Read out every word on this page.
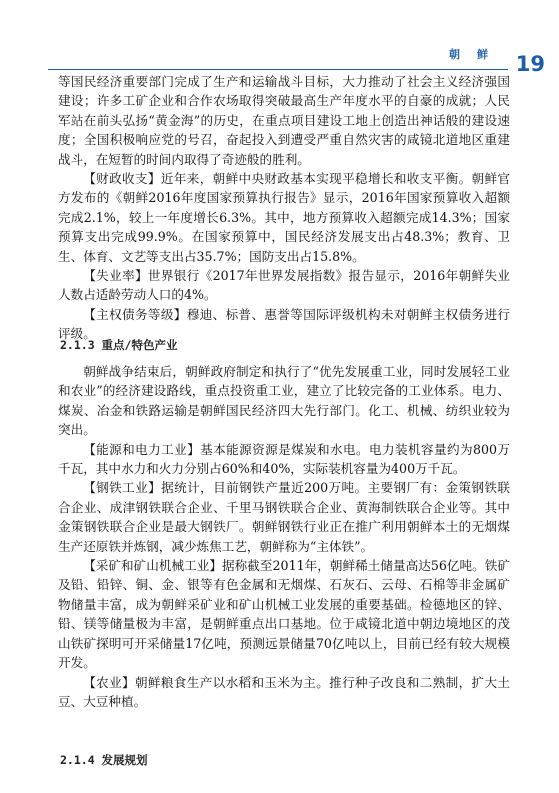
朝　鲜 19

等国民经济重要部门完成了生产和运输战斗目标，大力推动了社会主义经济强国建设；许多工矿企业和合作农场取得突破最高生产年度水平的自豪的成就；人民军站在前头弘扬“黄金海”的历史，在重点项目建设工地上创造出神话般的建设速度；全国积极响应党的号召，奋起投入到遭受严重自然灾害的咸镜北道地区重建战斗，在短暂的时间内取得了奇迹般的胜利。

【财政收支】近年来，朝鲜中央财政基本实现平稳增长和收支平衡。朝鲜官方发布的《朝鲜2016年度国家预算执行报告》显示，2016年国家预算收入超额完成2.1%，较上一年度增长6.3%。其中，地方预算收入超额完成14.3%；国家预算支出完成99.9%。在国家预算中，国民经济发展支出占48.3%；教育、卫生、体育、文艺等支出占35.7%；国防支出占15.8%。

【失业率】世界银行《2017年世界发展指数》报告显示，2016年朝鲜失业人数占适龄劳动人口的4%。

【主权债务等级】穆迪、标普、惠誉等国际评级机构未对朝鲜主权债务进行评级。

2.1.3 重点/特色产业

朝鲜战争结束后，朝鲜政府制定和执行了“优先发展重工业，同时发展轻工业和农业”的经济建设路线，重点投资重工业，建立了比较完备的工业体系。电力、煤炭、冶金和铁路运输是朝鲜国民经济四大先行部门。化工、机械、纺织业较为突出。

【能源和电力工业】基本能源资源是煤炭和水电。电力装机容量约为800万千瓦，其中水力和火力分别占60%和40%，实际装机容量为400万千瓦。

【钢铁工业】据统计，目前钢铁产量近200万吨。主要钢厂有：金策钢铁联合企业、成津钢铁联合企业、千里马钢铁联合企业、黄海制铁联合企业等。其中金策钢铁联合企业是最大钢铁厂。朝鲜钢铁行业正在推广利用朝鲜本土的无烟煤生产还原铁并炼钢，减少炼焦工艺，朝鲜称为“主体铁”。

【采矿和矿山机械工业】据称截至2011年，朝鲜稀土储量高达56亿吨。铁矿及铅、铅锌、铜、金、银等有色金属和无烟煤、石灰石、云母、石棉等非金属矿物储量丰富，成为朝鲜采矿业和矿山机械工业发展的重要基础。检德地区的锌、铅、镁等储量极为丰富，是朝鲜重点出口基地。位于咸镜北道中朝边境地区的茂山铁矿探明可开采储量17亿吨，预测远景储量70亿吨以上，目前已经有较大规模开发。

【农业】朝鲜粮食生产以水稻和玉米为主。推行种子改良和二熟制，扩大土豆、大豆种植。

2.1.4 发展规划
